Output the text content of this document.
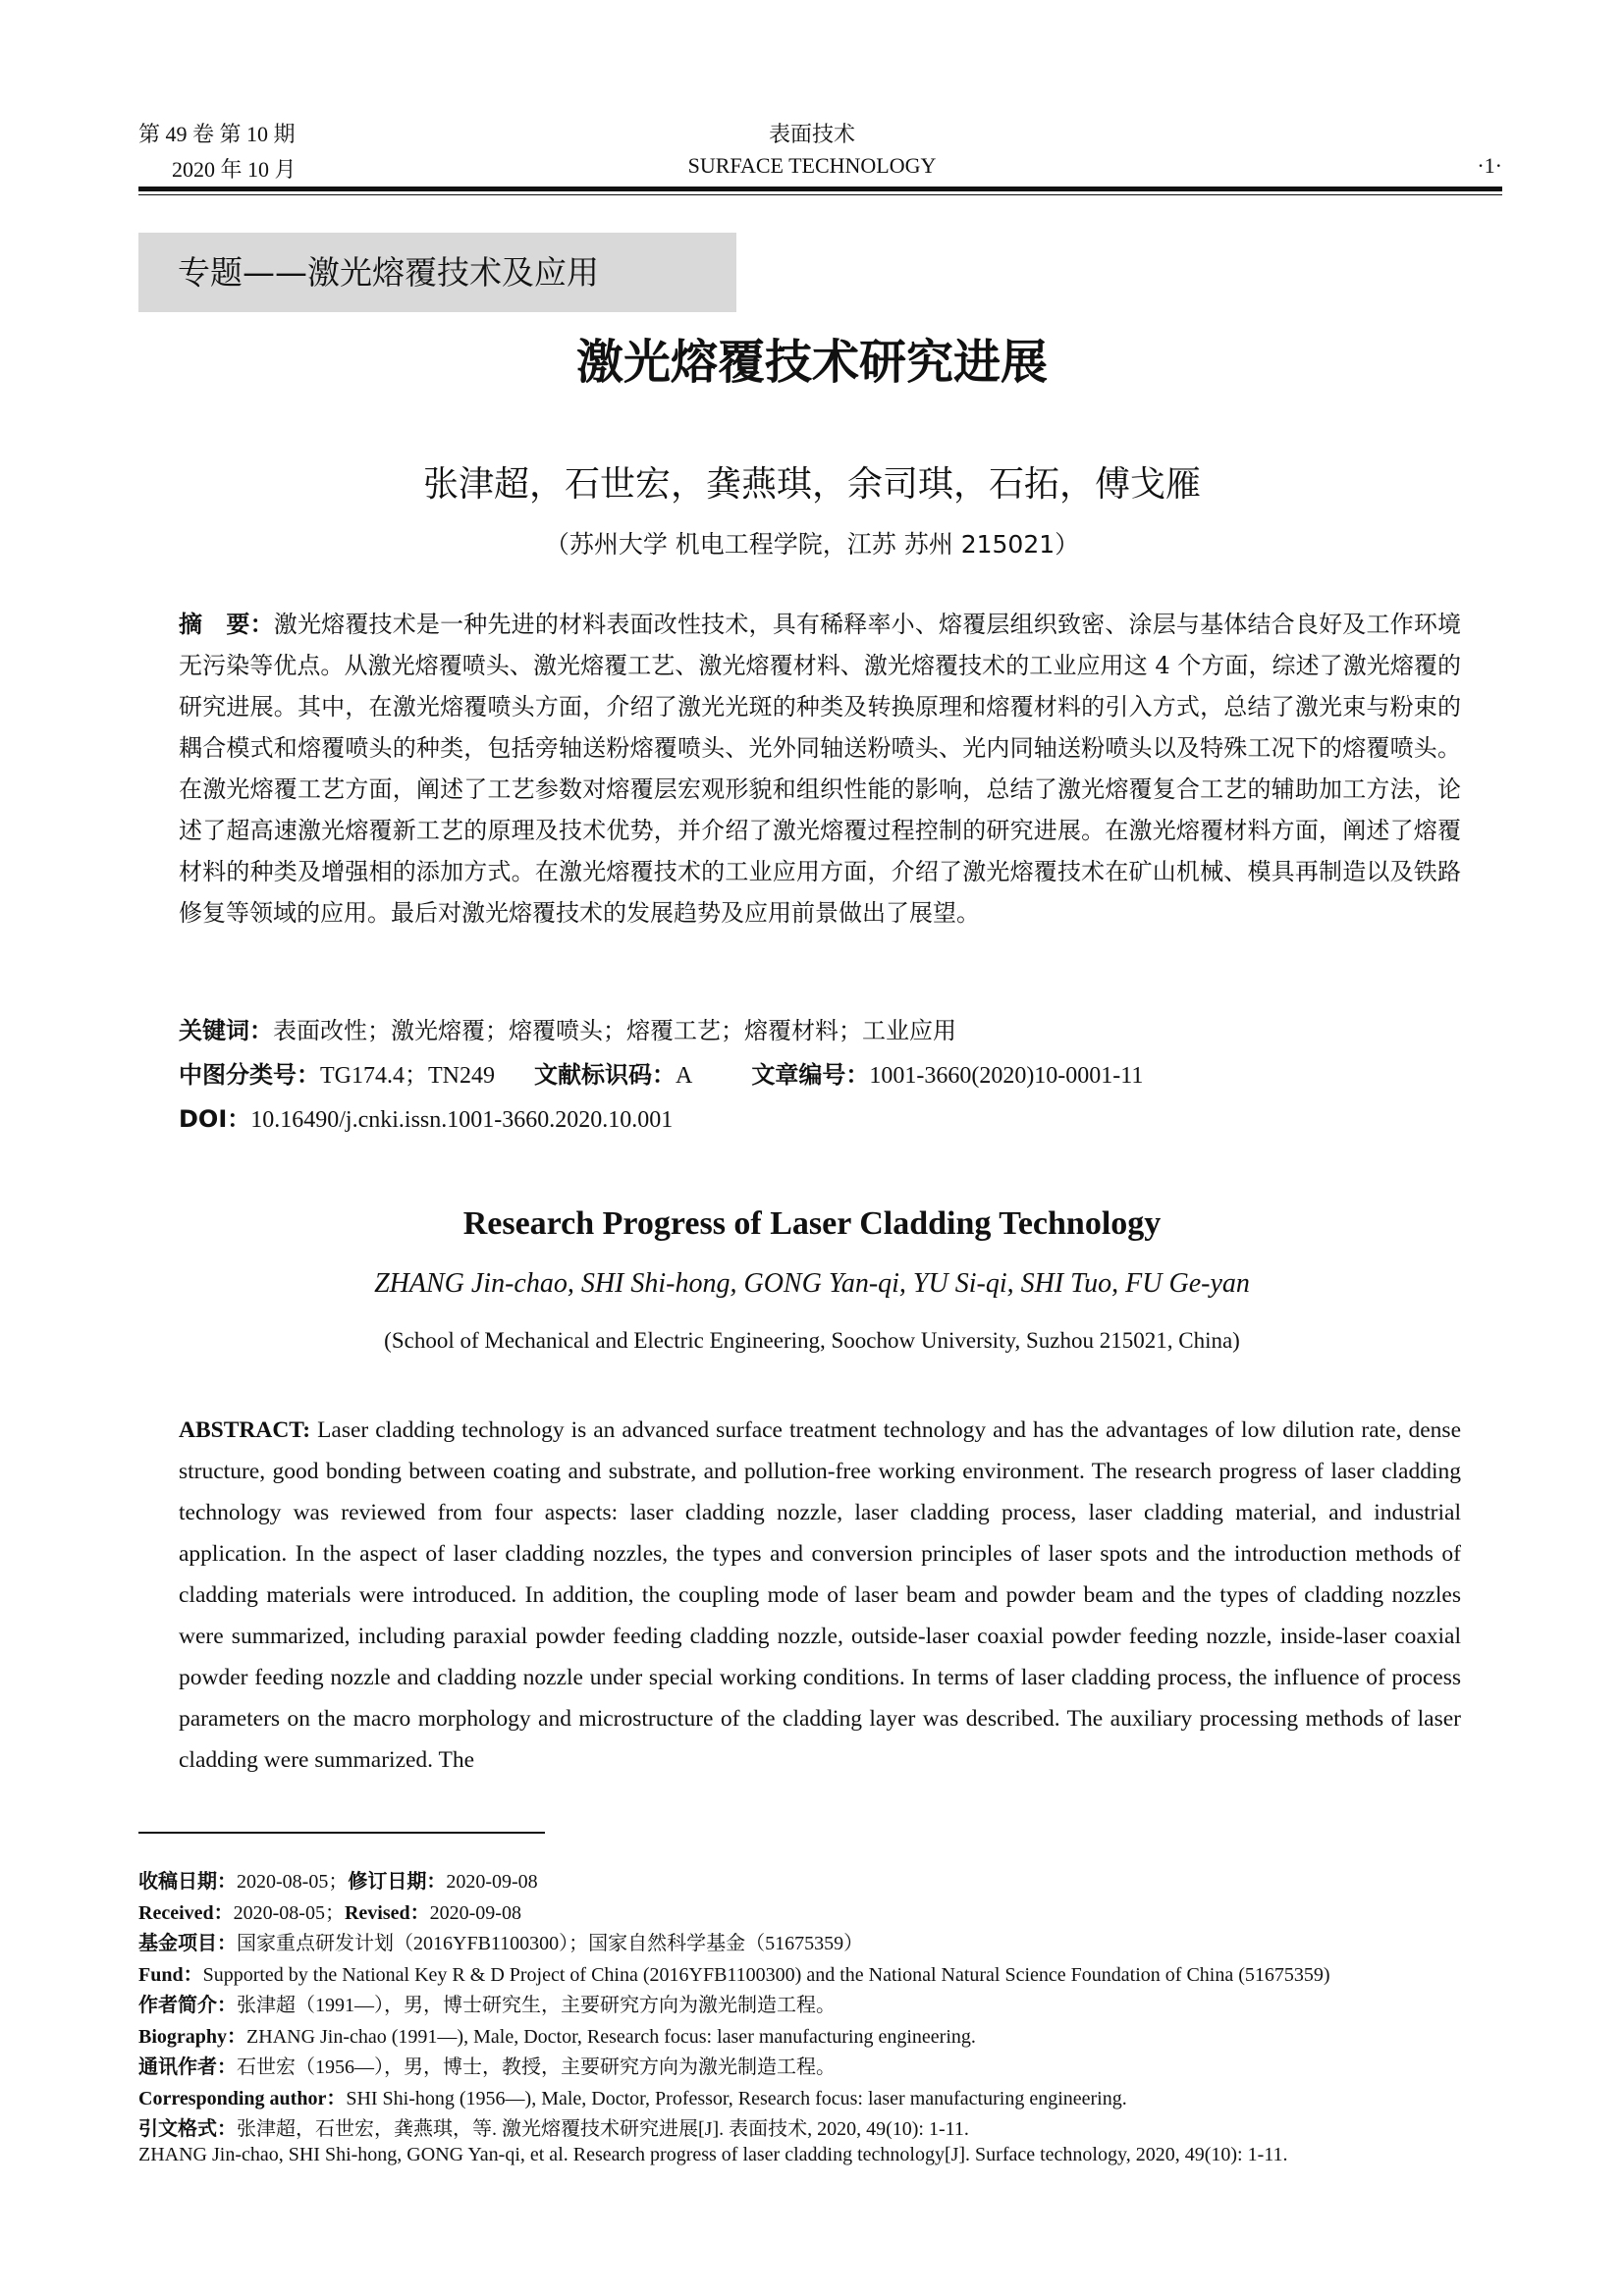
第 49 卷 第 10 期
2020 年 10 月
表面技术
SURFACE TECHNOLOGY	·1·
专题——激光熔覆技术及应用
激光熔覆技术研究进展
张津超，石世宏，龚燕琪，余司琪，石拓，傅戈雁
（苏州大学 机电工程学院，江苏 苏州 215021）
摘　要：激光熔覆技术是一种先进的材料表面改性技术，具有稀释率小、熔覆层组织致密、涂层与基体结合良好及工作环境无污染等优点。从激光熔覆喷头、激光熔覆工艺、激光熔覆材料、激光熔覆技术的工业应用这 4 个方面，综述了激光熔覆的研究进展。其中，在激光熔覆喷头方面，介绍了激光光斑的种类及转换原理和熔覆材料的引入方式，总结了激光束与粉束的耦合模式和熔覆喷头的种类，包括旁轴送粉熔覆喷头、光外同轴送粉喷头、光内同轴送粉喷头以及特殊工况下的熔覆喷头。在激光熔覆工艺方面，阐述了工艺参数对熔覆层宏观形貌和组织性能的影响，总结了激光熔覆复合工艺的辅助加工方法，论述了超高速激光熔覆新工艺的原理及技术优势，并介绍了激光熔覆过程控制的研究进展。在激光熔覆材料方面，阐述了熔覆材料的种类及增强相的添加方式。在激光熔覆技术的工业应用方面，介绍了激光熔覆技术在矿山机械、模具再制造以及铁路修复等领域的应用。最后对激光熔覆技术的发展趋势及应用前景做出了展望。
关键词：表面改性；激光熔覆；熔覆喷头；熔覆工艺；熔覆材料；工业应用
中图分类号：TG174.4；TN249 文献标识码：A	文章编号：1001-3660(2020)10-0001-11
DOI：10.16490/j.cnki.issn.1001-3660.2020.10.001
Research Progress of Laser Cladding Technology
ZHANG Jin-chao, SHI Shi-hong, GONG Yan-qi, YU Si-qi, SHI Tuo, FU Ge-yan
(School of Mechanical and Electric Engineering, Soochow University, Suzhou 215021, China)
ABSTRACT: Laser cladding technology is an advanced surface treatment technology and has the advantages of low dilution rate, dense structure, good bonding between coating and substrate, and pollution-free working environment. The research progress of laser cladding technology was reviewed from four aspects: laser cladding nozzle, laser cladding process, laser cladding material, and industrial application. In the aspect of laser cladding nozzles, the types and conversion principles of laser spots and the introduction methods of cladding materials were introduced. In addition, the coupling mode of laser beam and powder beam and the types of cladding nozzles were summarized, including paraxial powder feeding cladding nozzle, outside-laser coaxial powder feeding nozzle, inside-laser coaxial powder feeding nozzle and cladding nozzle under special working conditions. In terms of laser cladding process, the influence of process parameters on the macro morphology and microstructure of the cladding layer was described. The auxiliary processing methods of laser cladding were summarized. The
收稿日期：2020-08-05；修订日期：2020-09-08
Received：2020-08-05；Revised：2020-09-08
基金项目：国家重点研发计划（2016YFB1100300）；国家自然科学基金（51675359）
Fund：Supported by the National Key R & D Project of China (2016YFB1100300) and the National Natural Science Foundation of China (51675359)
作者简介：张津超（1991—），男，博士研究生，主要研究方向为激光制造工程。
Biography：ZHANG Jin-chao (1991—), Male, Doctor, Research focus: laser manufacturing engineering.
通讯作者：石世宏（1956—），男，博士，教授，主要研究方向为激光制造工程。
Corresponding author：SHI Shi-hong (1956—), Male, Doctor, Professor, Research focus: laser manufacturing engineering.
引文格式：张津超，石世宏，龚燕琪，等. 激光熔覆技术研究进展[J]. 表面技术, 2020, 49(10): 1-11.
ZHANG Jin-chao, SHI Shi-hong, GONG Yan-qi, et al. Research progress of laser cladding technology[J]. Surface technology, 2020, 49(10): 1-11.
